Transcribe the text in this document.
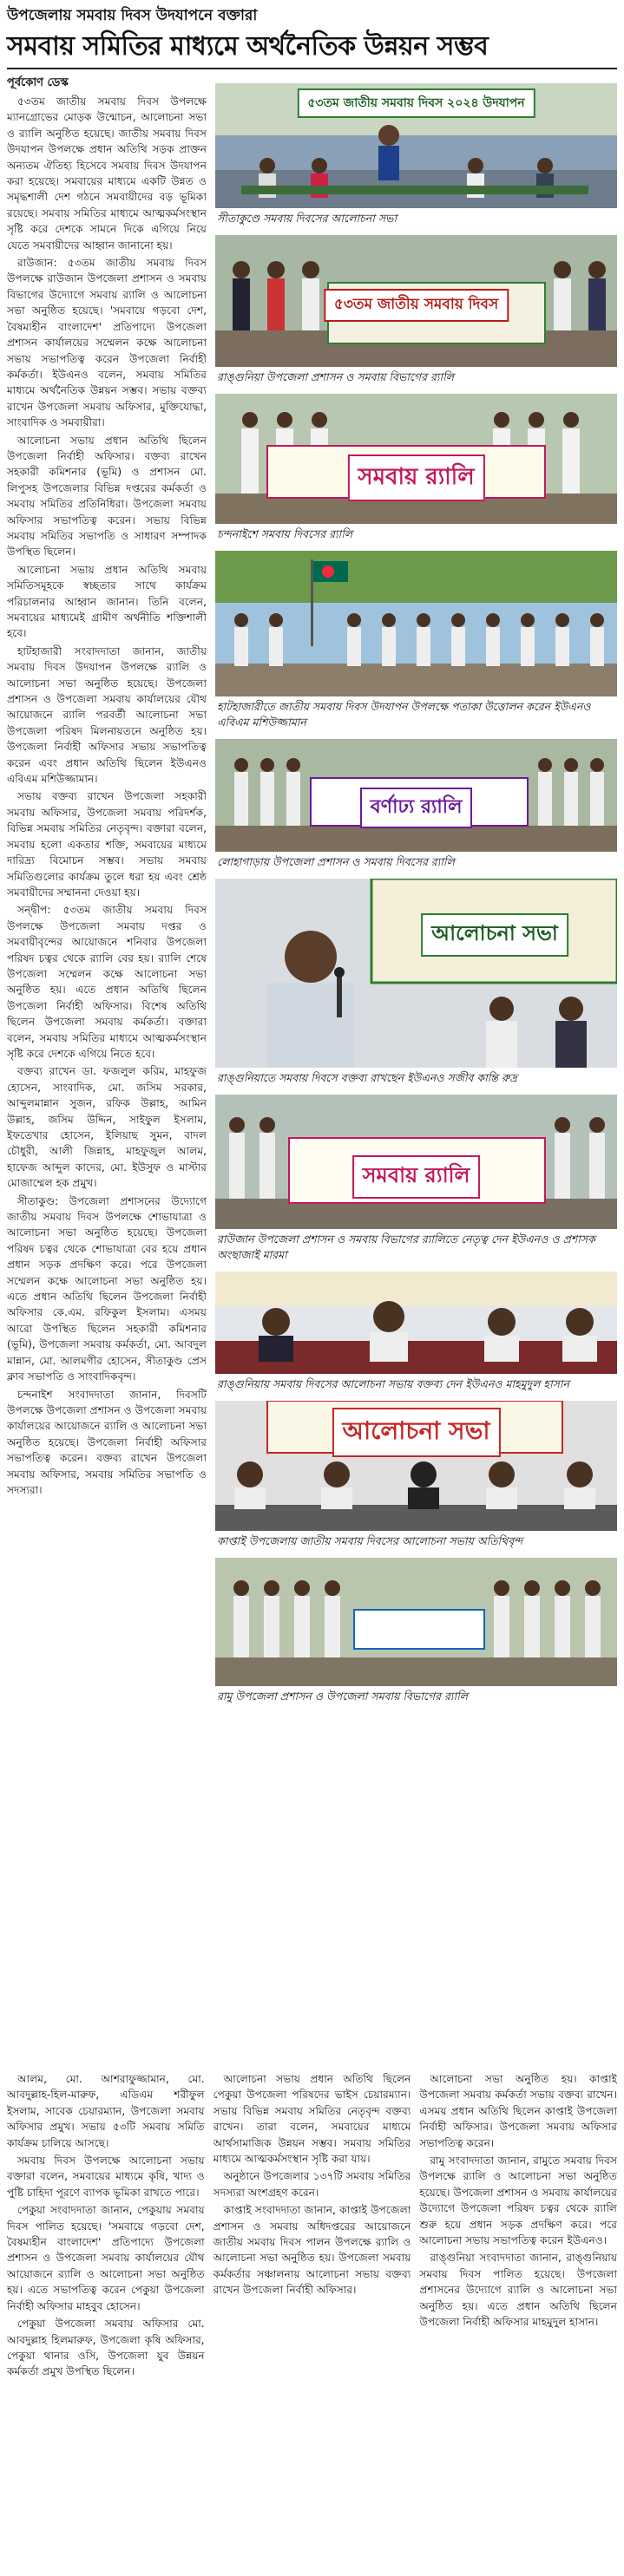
উপজেলায় সমবায় দিবস উদযাপনে বক্তারা
সমবায় সমিতির মাধ্যমে অর্থনৈতিক উন্নয়ন সম্ভব
পূর্বকোণ ডেস্ক

৫৩তম জাতীয় সমবায় দিবস উপলক্ষে ম্যানগ্রোভের মোড়ক উন্মোচন, আলোচনা সভা ও র‌্যালি অনুষ্ঠিত হয়েছে। জাতীয় সমবায় দিবস উদযাপন উপলক্ষে প্রধান অতিথি সড়ক প্রাক্তন অন্যতম ঐতিহ্য হিসেবে সমবায় দিবস উদযাপন করা হয়েছে। সমবায়ের মাধ্যমে একটি উন্নত ও সমৃদ্ধশালী দেশ গঠনে সমবায়ীদের বড় ভূমিকা রয়েছে। সমবায় সমিতির মাধ্যমে আত্মকর্মসংস্থান সৃষ্টি করে দেশকে সামনে দিকে এগিয়ে নিয়ে যেতে সমবায়ীদের আহ্বান জানানো হয়।

রাউজান: ৫৩তম জাতীয় সমবায় দিবস উপলক্ষে রাউজান উপজেলা প্রশাসন ও সমবায় বিভাগের উদ্যোগে সমবায় র‌্যালি ও আলোচনা সভা অনুষ্ঠিত হয়েছে। 'সমবায়ে গড়বো দেশ, বৈষম্যহীন বাংলাদেশ' প্রতিপাদ্যে উপজেলা প্রশাসন কার্যালয়ের সম্মেলন কক্ষে আলোচনা সভায় সভাপতিত্ব করেন উপজেলা নির্বাহী কর্মকর্তা। ইউএনও বলেন, সমবায় সমিতির মাধ্যমে অর্থনৈতিক উন্নয়ন সম্ভব। সভায় বক্তব্য রাখেন উপজেলা সমবায় অফিসার, মুক্তিযোদ্ধা, সাংবাদিক ও সমবায়ীরা।

আলোচনা সভায় প্রধান অতিথি ছিলেন উপজেলা নির্বাহী অফিসার। বক্তব্য রাখেন সহকারী কমিশনার (ভূমি) ও প্রশাসন মো. লিপুসহ উপজেলার বিভিন্ন দপ্তরের কর্মকর্তা ও সমবায় সমিতির প্রতিনিধিরা। উপজেলা সমবায় অফিসার সভাপতিত্ব করেন। সভায় বিভিন্ন সমবায় সমিতির সভাপতি ও সাধারণ সম্পাদক উপস্থিত ছিলেন।

আলোচনা সভায় প্রধান অতিথি সমবায় সমিতিসমূহকে স্বচ্ছতার সাথে কার্যক্রম পরিচালনার আহ্বান জানান। তিনি বলেন, সমবায়ের মাধ্যমেই গ্রামীণ অর্থনীতি শক্তিশালী হবে।

হাটহাজারী সংবাদদাতা জানান, জাতীয় সমবায় দিবস উদযাপন উপলক্ষে র‌্যালি ও আলোচনা সভা অনুষ্ঠিত হয়েছে। উপজেলা প্রশাসন ও উপজেলা সমবায় কার্যালয়ের যৌথ আয়োজনে র‌্যালি পরবর্তী আলোচনা সভা উপজেলা পরিষদ মিলনায়তনে অনুষ্ঠিত হয়। উপজেলা নির্বাহী অফিসার সভায় সভাপতিত্ব করেন এবং প্রধান অতিথি ছিলেন ইউএনও এবিএম মশিউজ্জামান।

সভায় বক্তব্য রাখেন উপজেলা সহকারী সমবায় অফিসার, উপজেলা সমবায় পরিদর্শক, বিভিন্ন সমবায় সমিতির নেতৃবৃন্দ। বক্তারা বলেন, সমবায় হলো একতার শক্তি, সমবায়ের মাধ্যমে দারিদ্র্য বিমোচন সম্ভব। সভায় সমবায় সমিতিগুলোর কার্যক্রম তুলে ধরা হয় এবং শ্রেষ্ঠ সমবায়ীদের সম্মাননা দেওয়া হয়।

সন্দ্বীপ: ৫৩তম জাতীয় সমবায় দিবস উপলক্ষে উপজেলা সমবায় দপ্তর ও সমবায়ীবৃন্দের আয়োজনে শনিবার উপজেলা পরিষদ চত্বর থেকে র‌্যালি বের হয়। র‌্যালি শেষে উপজেলা সম্মেলন কক্ষে আলোচনা সভা অনুষ্ঠিত হয়। এতে প্রধান অতিথি ছিলেন উপজেলা নির্বাহী অফিসার। বিশেষ অতিথি ছিলেন উপজেলা সমবায় কর্মকর্তা। বক্তারা বলেন, সমবায় সমিতির মাধ্যমে আত্মকর্মসংস্থান সৃষ্টি করে দেশকে এগিয়ে নিতে হবে।

বক্তব্য রাখেন ডা. ফজলুল করিম, মাহফুজ হোসেন, সাংবাদিক, মো. জসিম সরকার, আব্দুলমান্নান সুজন, রফিক উল্লাহ, আমিন উল্লাহ, জসিম উদ্দিন, সাইফুল ইসলাম, ইফতেখার হোসেন, ইলিয়াছ সুমন, বাদল চৌধুরী, আলী জিন্নাহ, মাহফুজুল আলম, হাফেজ আব্দুল কাদের, মো. ইউসুফ ও মাস্টার মোজাম্মেল হক প্রমুখ।

সীতাকুণ্ড: উপজেলা প্রশাসনের উদ্যোগে জাতীয় সমবায় দিবস উপলক্ষে শোভাযাত্রা ও আলোচনা সভা অনুষ্ঠিত হয়েছে। উপজেলা পরিষদ চত্বর থেকে শোভাযাত্রা বের হয়ে প্রধান প্রধান সড়ক প্রদক্ষিণ করে। পরে উপজেলা সম্মেলন কক্ষে আলোচনা সভা অনুষ্ঠিত হয়। এতে প্রধান অতিথি ছিলেন উপজেলা নির্বাহী অফিসার কে.এম. রফিকুল ইসলাম। এসময় আরো উপস্থিত ছিলেন সহকারী কমিশনার (ভূমি), উপজেলা সমবায় কর্মকর্তা, মো. আবদুল মান্নান, মো. আলমগীর হোসেন, সীতাকুণ্ড প্রেস ক্লাব সভাপতি ও সাংবাদিকবৃন্দ।

চন্দনাইশ সংবাদদাতা জানান, দিবসটি উপলক্ষে উপজেলা প্রশাসন ও উপজেলা সমবায় কার্যালয়ের আয়োজনে র‌্যালি ও আলোচনা সভা অনুষ্ঠিত হয়েছে। উপজেলা নির্বাহী অফিসার সভাপতিত্ব করেন। বক্তব্য রাখেন উপজেলা সমবায় অফিসার, সমবায় সমিতির সভাপতি ও সদস্যরা।

৫৩তম জাতীয় সমবায় দিবস ২০২৪ উদযাপন
সীতাকুণ্ডে সমবায় দিবসের আলোচনা সভা
৫৩তম জাতীয় সমবায় দিবস
রাঙ্গুনিয়া উপজেলা প্রশাসন ও সমবায় বিভাগের র‌্যালি
সমবায় র‌্যালি
চন্দনাইশে সমবায় দিবসের র‌্যালি
হাটহাজারীতে জাতীয় সমবায় দিবস উদযাপন উপলক্ষে পতাকা উত্তোলন করেন ইউএনও এবিএম মশিউজ্জামান
বর্ণাঢ্য র‌্যালি
লোহাগাড়ায় উপজেলা প্রশাসন ও সমবায় দিবসের র‌্যালি
আলোচনা সভা
রাঙ্গুনিয়াতে সমবায় দিবসে বক্তব্য রাখছেন ইউএনও সজীব কান্তি রুদ্র
সমবায় র‌্যালি
রাউজান উপজেলা প্রশাসন ও সমবায় বিভাগের র‌্যালিতে নেতৃত্ব দেন ইউএনও ও প্রশাসক অংছাজাই মারমা
রাঙ্গুনিয়ায় সমবায় দিবসের আলোচনা সভায় বক্তব্য দেন ইউএনও মাহমুদুল হাসান
আলোচনা সভা
কাপ্তাই উপজেলায় জাতীয় সমবায় দিবসের আলোচনা সভায় অতিথিবৃন্দ
রামু উপজেলা প্রশাসন ও উপজেলা সমবায় বিভাগের র‌্যালি

আলম, মো. আশরাফুজ্জামান, মো. আবদুল্লাহ-হিল-মারুফ, এডিএম শরীফুল ইসলাম, সাবেক চেয়ারম্যান, উপজেলা সমবায় অফিসার প্রমুখ। সভায় ৫৩টি সমবায় সমিতি কার্যক্রম চালিয়ে আসছে।

সমবায় দিবস উপলক্ষে আলোচনা সভায় বক্তারা বলেন, সমবায়ের মাধ্যমে কৃষি, খাদ্য ও পুষ্টি চাহিদা পূরণে ব্যাপক ভূমিকা রাখতে পারে।

পেকুয়া সংবাদদাতা জানান, পেকুয়ায় সমবায় দিবস পালিত হয়েছে। 'সমবায়ে গড়বো দেশ, বৈষম্যহীন বাংলাদেশ' প্রতিপাদ্যে উপজেলা প্রশাসন ও উপজেলা সমবায় কার্যালয়ের যৌথ আয়োজনে র‌্যালি ও আলোচনা সভা অনুষ্ঠিত হয়। এতে সভাপতিত্ব করেন পেকুয়া উপজেলা নির্বাহী অফিসার মাহবুব হোসেন।

পেকুয়া উপজেলা সমবায় অফিসার মো. আবদুল্লাহ হিলমারুফ, উপজেলা কৃষি অফিসার, পেকুয়া থানার ওসি, উপজেলা যুব উন্নয়ন কর্মকর্তা প্রমুখ উপস্থিত ছিলেন।

আলোচনা সভায় প্রধান অতিথি ছিলেন পেকুয়া উপজেলা পরিষদের ভাইস চেয়ারম্যান। সভায় বিভিন্ন সমবায় সমিতির নেতৃবৃন্দ বক্তব্য রাখেন। তারা বলেন, সমবায়ের মাধ্যমে আর্থসামাজিক উন্নয়ন সম্ভব। সমবায় সমিতির মাধ্যমে আত্মকর্মসংস্থান সৃষ্টি করা যায়।

অনুষ্ঠানে উপজেলার ১৩৭টি সমবায় সমিতির সদস্যরা অংশগ্রহণ করেন।

কাপ্তাই সংবাদদাতা জানান, কাপ্তাই উপজেলা প্রশাসন ও সমবায় অধিদপ্তরের আয়োজনে জাতীয় সমবায় দিবস পালন উপলক্ষে র‌্যালি ও আলোচনা সভা অনুষ্ঠিত হয়। উপজেলা সমবায় কর্মকর্তার সঞ্চালনায় আলোচনা সভায় বক্তব্য রাখেন উপজেলা নির্বাহী অফিসার।

আলোচনা সভা অনুষ্ঠিত হয়। কাপ্তাই উপজেলা সমবায় কর্মকর্তা সভায় বক্তব্য রাখেন। এসময় প্রধান অতিথি ছিলেন কাপ্তাই উপজেলা নির্বাহী অফিসার। উপজেলা সমবায় অফিসার সভাপতিত্ব করেন।

রামু সংবাদদাতা জানান, রামুতে সমবায় দিবস উপলক্ষে র‌্যালি ও আলোচনা সভা অনুষ্ঠিত হয়েছে। উপজেলা প্রশাসন ও সমবায় কার্যালয়ের উদ্যোগে উপজেলা পরিষদ চত্বর থেকে র‌্যালি শুরু হয়ে প্রধান সড়ক প্রদক্ষিণ করে। পরে আলোচনা সভায় সভাপতিত্ব করেন ইউএনও।

রাঙ্গুনিয়া সংবাদদাতা জানান, রাঙ্গুনিয়ায় সমবায় দিবস পালিত হয়েছে। উপজেলা প্রশাসনের উদ্যোগে র‌্যালি ও আলোচনা সভা অনুষ্ঠিত হয়। এতে প্রধান অতিথি ছিলেন উপজেলা নির্বাহী অফিসার মাহমুদুল হাসান।
